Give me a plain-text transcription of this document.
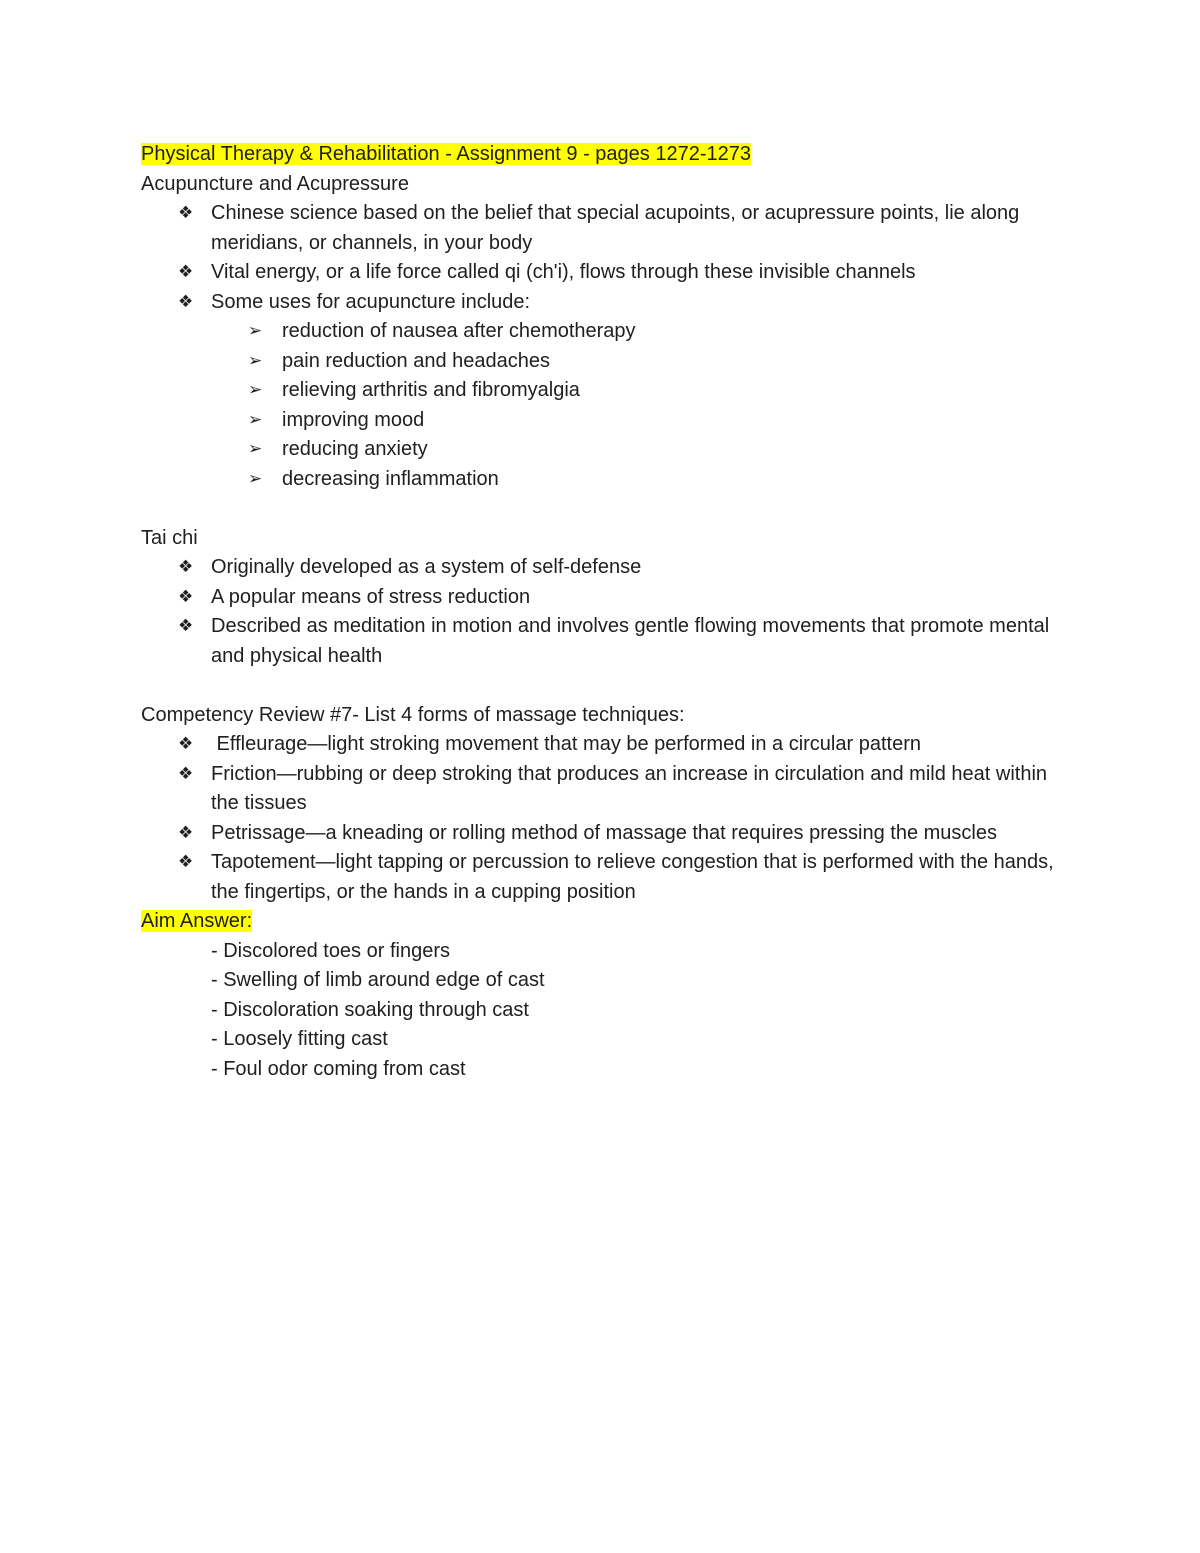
Physical Therapy & Rehabilitation - Assignment 9 - pages 1272-1273
Acupuncture and Acupressure
❖ Chinese science based on the belief that special acupoints, or acupressure points, lie along meridians, or channels, in your body
❖ Vital energy, or a life force called qi (ch'i), flows through these invisible channels
❖ Some uses for acupuncture include:
➢ reduction of nausea after chemotherapy
➢ pain reduction and headaches
➢ relieving arthritis and fibromyalgia
➢ improving mood
➢ reducing anxiety
➢ decreasing inflammation
Tai chi
❖ Originally developed as a system of self-defense
❖ A popular means of stress reduction
❖ Described as meditation in motion and involves gentle flowing movements that promote mental and physical health
Competency Review #7- List 4 forms of massage techniques:
❖ Effleurage—light stroking movement that may be performed in a circular pattern
❖ Friction—rubbing or deep stroking that produces an increase in circulation and mild heat within the tissues
❖ Petrissage—a kneading or rolling method of massage that requires pressing the muscles
❖ Tapotement—light tapping or percussion to relieve congestion that is performed with the hands, the fingertips, or the hands in a cupping position
Aim Answer:
- Discolored toes or fingers
- Swelling of limb around edge of cast
- Discoloration soaking through cast
- Loosely fitting cast
- Foul odor coming from cast
